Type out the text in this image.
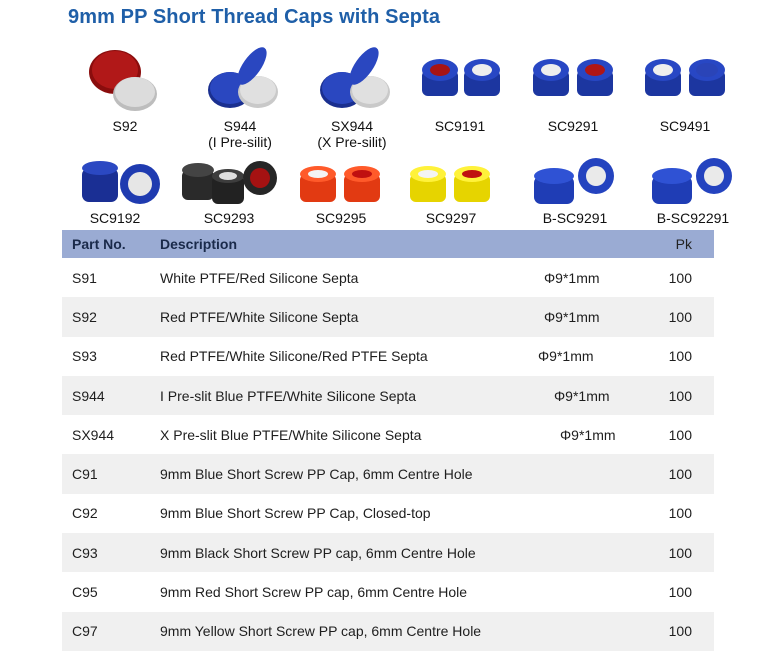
9mm PP Short Thread Caps with Septa
S92	S944
(I Pre-silit)
SX944
(X Pre-silit)
SC9191	SC9291	SC9491
SC9192	SC9293	SC9295	SC9297	B-SC9291	B-SC92291
Part No.	Description	Pk
S91	White PTFE/Red Silicone Septa	Φ9*1mm	100
S92	Red PTFE/White Silicone Septa	Φ9*1mm	100
S93	Red PTFE/White Silicone/Red PTFE Septa	Φ9*1mm	100
S944	I Pre-slit Blue PTFE/White Silicone Septa	Φ9*1mm	100
SX944	X Pre-slit Blue PTFE/White Silicone Septa	Φ9*1mm	100
C91	9mm Blue Short Screw PP Cap, 6mm Centre Hole	100
C92	9mm Blue Short Screw PP Cap, Closed-top	100
C93	9mm Black Short Screw PP cap, 6mm Centre Hole	100
C95	9mm Red Short Screw PP cap, 6mm Centre Hole	100
C97	9mm Yellow Short Screw PP cap, 6mm Centre Hole	100
